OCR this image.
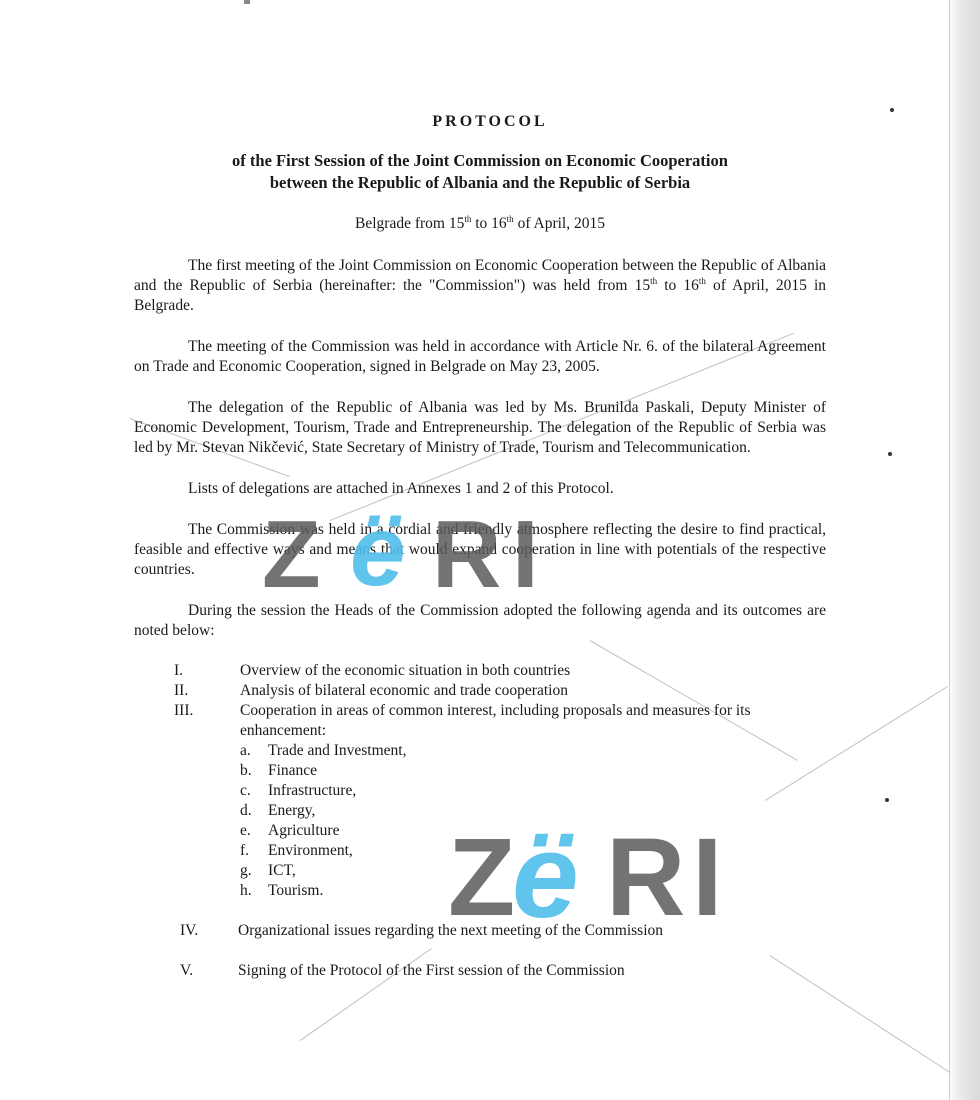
PROTOCOL
of the First Session of the Joint Commission on Economic Cooperation
between the Republic of Albania and the Republic of Serbia
Belgrade from 15th to 16th of April, 2015

The first meeting of the Joint Commission on Economic Cooperation between the Republic of Albania and the Republic of Serbia (hereinafter: the "Commission") was held from 15th to 16th of April, 2015 in Belgrade.

The meeting of the Commission was held in accordance with Article Nr. 6. of the bilateral Agreement on Trade and Economic Cooperation, signed in Belgrade on May 23, 2005.

The delegation of the Republic of Albania was led by Ms. Brunilda Paskali, Deputy Minister of Economic Development, Tourism, Trade and Entrepreneurship. The delegation of the Republic of Serbia was led by Mr. Stevan Nikčević, State Secretary of Ministry of Trade, Tourism and Telecommunication.

Lists of delegations are attached in Annexes 1 and 2 of this Protocol.

The Commission was held in a cordial and friendly atmosphere reflecting the desire to find practical, feasible and effective ways and means that would expand cooperation in line with potentials of the respective countries.

During the session the Heads of the Commission adopted the following agenda and its outcomes are noted below:

I.	Overview of the economic situation in both countries
II.	Analysis of bilateral economic and trade cooperation
III.	Cooperation in areas of common interest, including proposals and measures for its enhancement:
a. Trade and Investment,
b. Finance
c. Infrastructure,
d. Energy,
e. Agriculture
f. Environment,
g. ICT,
h. Tourism.
IV.	Organizational issues regarding the next meeting of the Commission
V.	Signing of the Protocol of the First session of the Commission
Z ë R I
Z
ë R I
